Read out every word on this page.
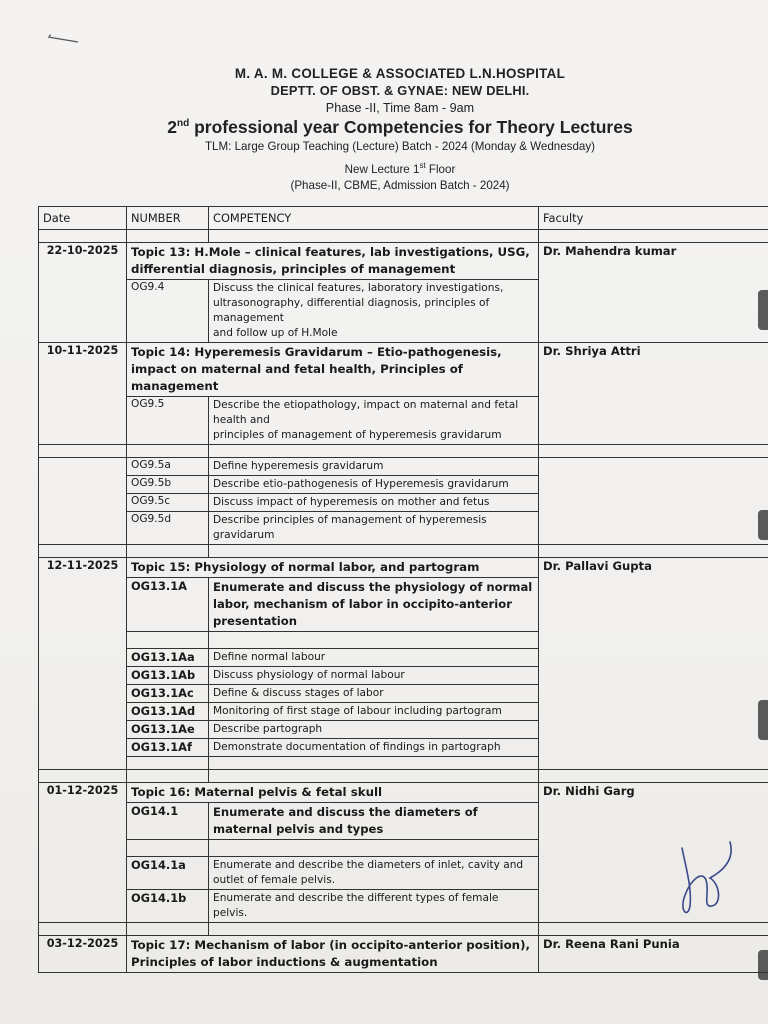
M. A. M. COLLEGE & ASSOCIATED L.N.HOSPITAL
DEPTT. OF OBST. & GYNAE: NEW DELHI.
Phase -II, Time 8am - 9am
2nd professional year Competencies for Theory Lectures
TLM: Large Group Teaching (Lecture) Batch - 2024 (Monday & Wednesday)
New Lecture 1st Floor
(Phase-II, CBME, Admission Batch - 2024)
Date	NUMBER	COMPETENCY	Faculty

22-10-2025	Topic 13: H.Mole – clinical features, lab investigations, USG, differential diagnosis, principles of management		Dr. Mahendra kumar
	OG9.4	Discuss the clinical features, laboratory investigations, ultrasonography, differential diagnosis, principles of management
and follow up of H.Mole	
10-11-2025	Topic 14: Hyperemesis Gravidarum – Etio-pathogenesis, impact on maternal and fetal health, Principles of management		Dr. Shriya Attri
	OG9.5	Describe the etiopathology, impact on maternal and fetal health and
principles of management of hyperemesis gravidarum	

	OG9.5a	Define hyperemesis gravidarum	
	OG9.5b	Describe etio-pathogenesis of Hyperemesis gravidarum	
	OG9.5c	Discuss impact of hyperemesis on mother and fetus	
	OG9.5d	Describe principles of management of hyperemesis gravidarum	

12-11-2025	Topic 15: Physiology of normal labor, and partogram		Dr. Pallavi Gupta
	OG13.1A	Enumerate and discuss the physiology of normal labor, mechanism of labor in occipito-anterior presentation	

	OG13.1Aa	Define normal labour	
	OG13.1Ab	Discuss physiology of normal labour	
	OG13.1Ac	Define & discuss stages of labor	
	OG13.1Ad	Monitoring of first stage of labour including partogram	
	OG13.1Ae	Describe partograph	
	OG13.1Af	Demonstrate documentation of findings in partograph	

01-12-2025	Topic 16: Maternal pelvis & fetal skull		Dr. Nidhi Garg
	OG14.1	Enumerate and discuss the diameters of maternal pelvis and types	

	OG14.1a	Enumerate and describe the diameters of inlet, cavity and outlet of female pelvis.	
	OG14.1b	Enumerate and describe the different types of female pelvis.	

03-12-2025	Topic 17: Mechanism of labor (in occipito-anterior position), Principles of labor inductions & augmentation		Dr. Reena Rani Punia
